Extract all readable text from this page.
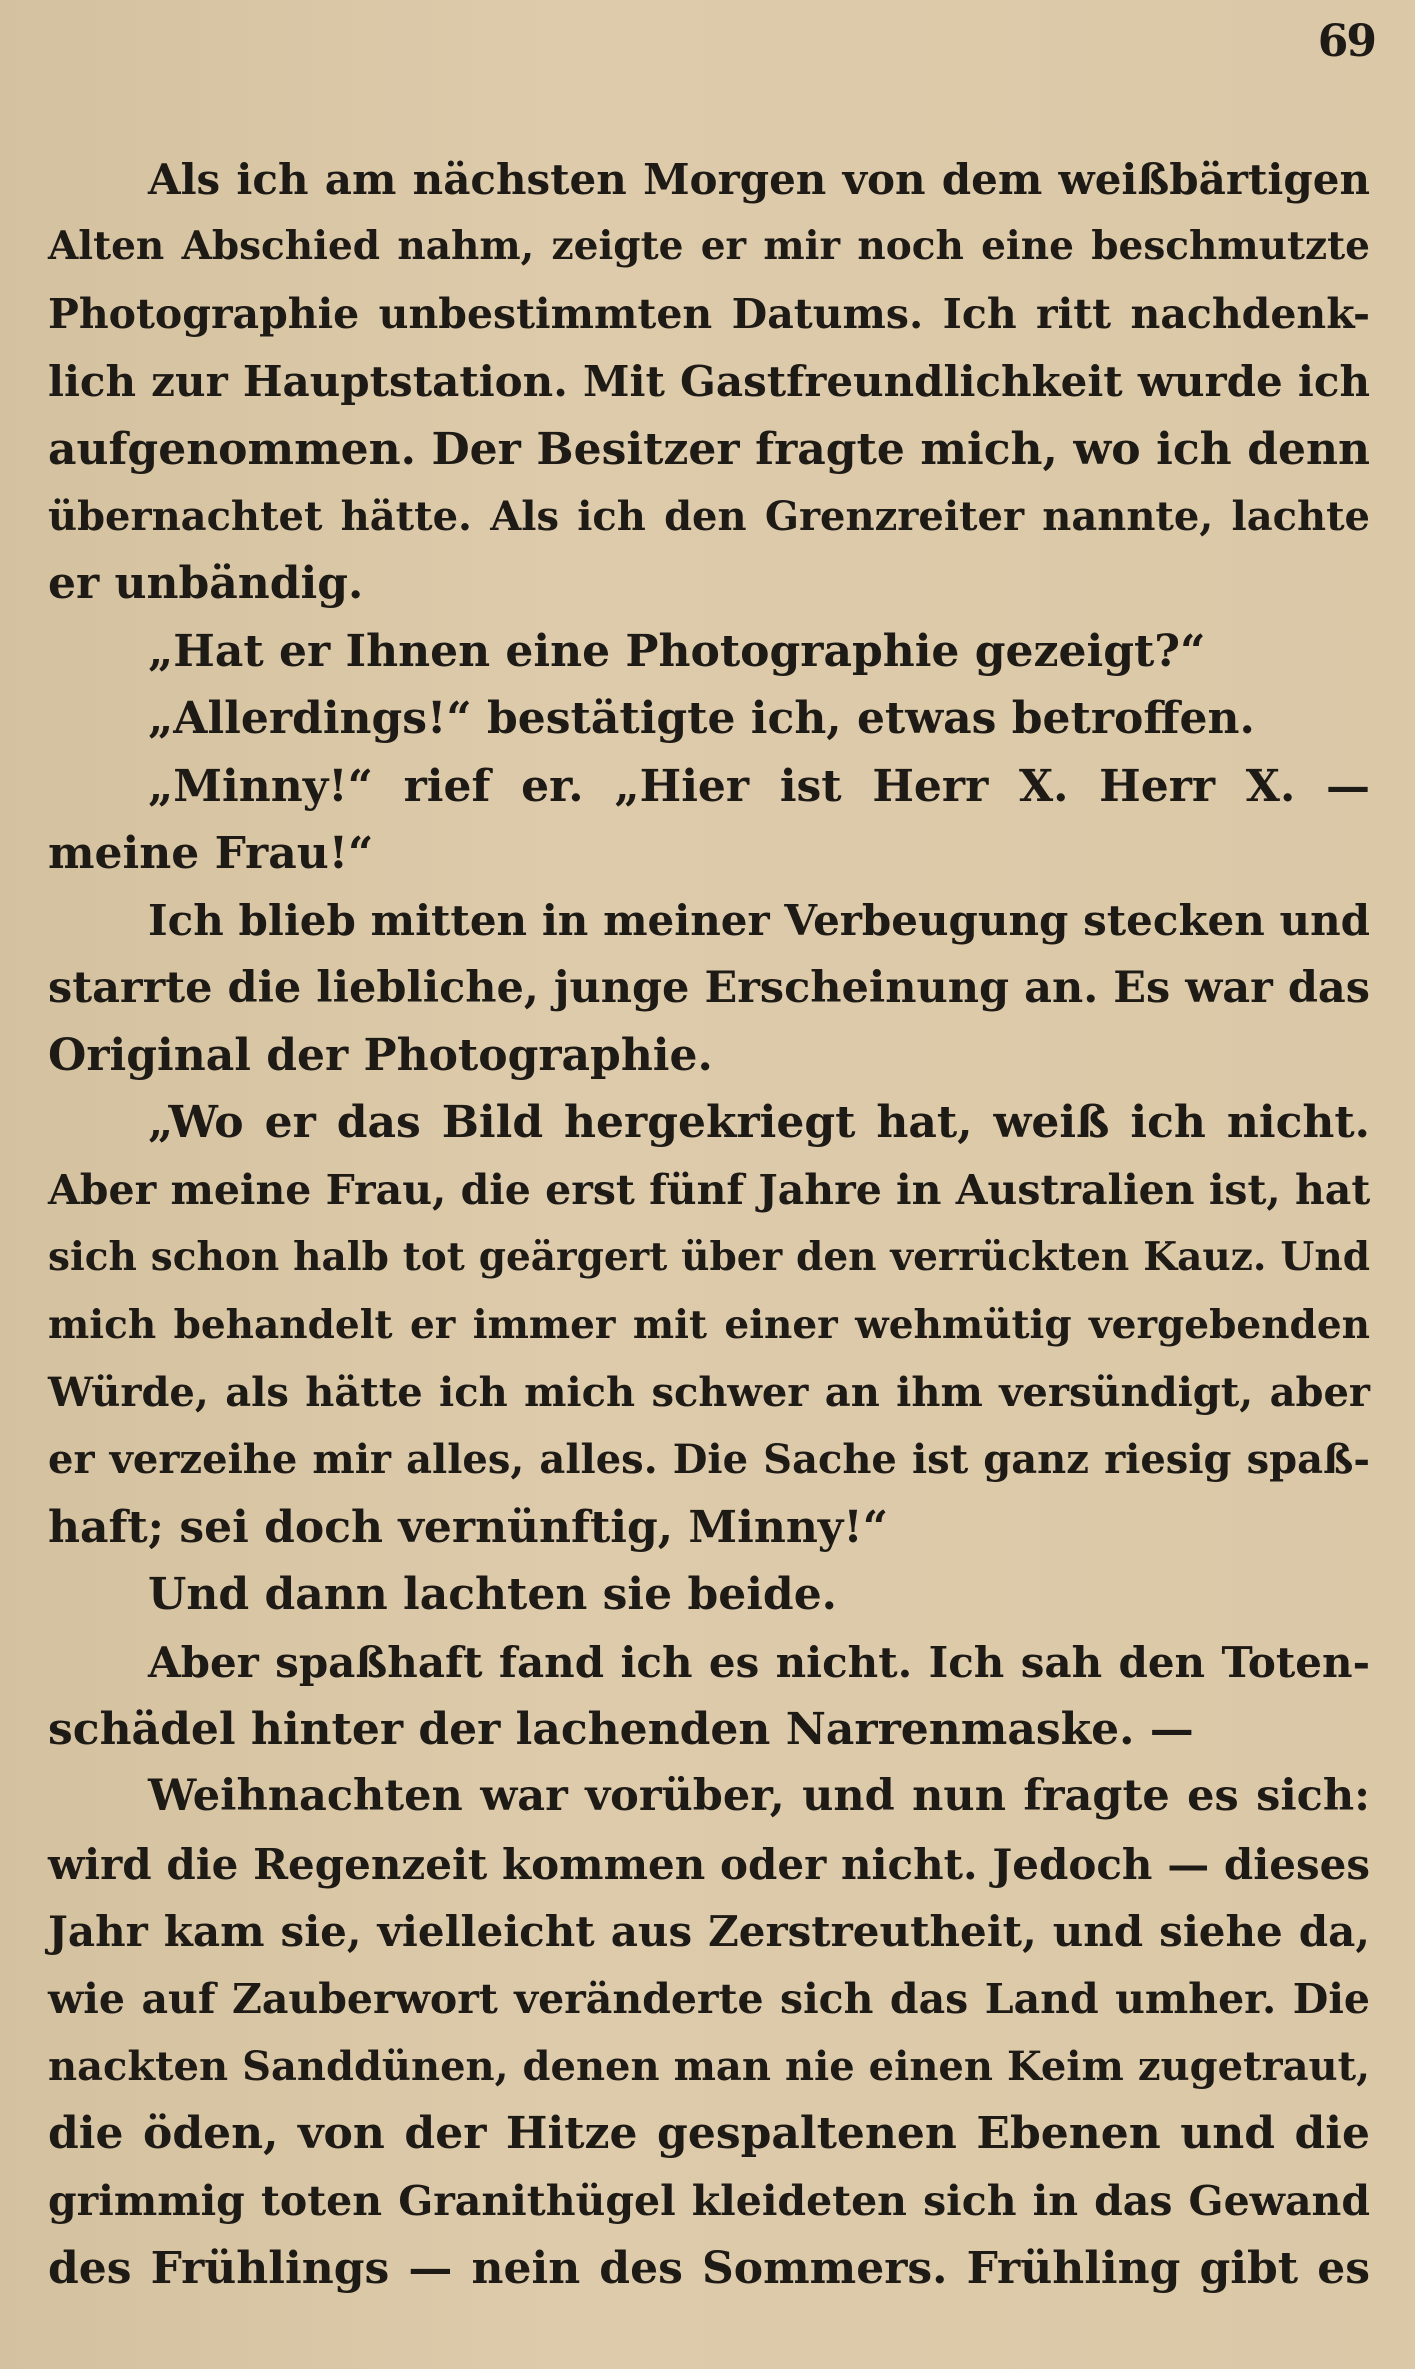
69
Als ich am nächsten Morgen von dem weißbärtigen
Alten Abschied nahm, zeigte er mir noch eine beschmutzte
Photographie unbestimmten Datums. Ich ritt nachdenk-
lich zur Hauptstation. Mit Gastfreundlichkeit wurde ich
aufgenommen. Der Besitzer fragte mich, wo ich denn
übernachtet hätte. Als ich den Grenzreiter nannte, lachte
er unbändig.
„Hat er Ihnen eine Photographie gezeigt?“
„Allerdings!“ bestätigte ich, etwas betroffen.
„Minny!“ rief er. „Hier ist Herr X. Herr X. —
meine Frau!“
Ich blieb mitten in meiner Verbeugung stecken und
starrte die liebliche, junge Erscheinung an. Es war das
Original der Photographie.
„Wo er das Bild hergekriegt hat, weiß ich nicht.
Aber meine Frau, die erst fünf Jahre in Australien ist, hat
sich schon halb tot geärgert über den verrückten Kauz. Und
mich behandelt er immer mit einer wehmütig vergebenden
Würde, als hätte ich mich schwer an ihm versündigt, aber
er verzeihe mir alles, alles. Die Sache ist ganz riesig spaß-
haft; sei doch vernünftig, Minny!“
Und dann lachten sie beide.
Aber spaßhaft fand ich es nicht. Ich sah den Toten-
schädel hinter der lachenden Narrenmaske. —
Weihnachten war vorüber, und nun fragte es sich:
wird die Regenzeit kommen oder nicht. Jedoch — dieses
Jahr kam sie, vielleicht aus Zerstreutheit, und siehe da,
wie auf Zauberwort veränderte sich das Land umher. Die
nackten Sanddünen, denen man nie einen Keim zugetraut,
die öden, von der Hitze gespaltenen Ebenen und die
grimmig toten Granithügel kleideten sich in das Gewand
des Frühlings — nein des Sommers. Frühling gibt es
